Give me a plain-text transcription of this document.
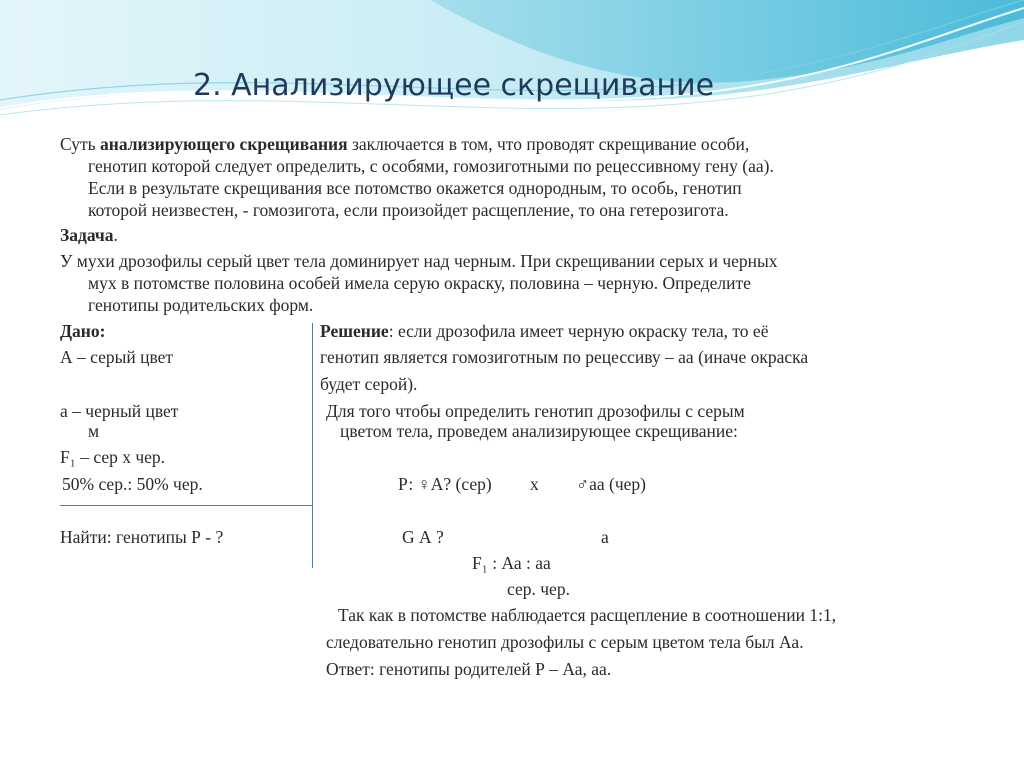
2. Анализирующее скрещивание
Суть анализирующего скрещивания заключается в том, что проводят скрещивание особи,
генотип которой следует определить, с особями, гомозиготными по рецессивному гену (аа).
Если в результате скрещивания все потомство окажется однородным, то особь, генотип
которой неизвестен, - гомозигота, если произойдет расщепление, то она гетерозигота.
Задача.
У мухи дрозофилы серый цвет тела доминирует над черным. При скрещивании серых и черных
мух в потомстве половина особей имела серую окраску, половина – черную. Определите
генотипы родительских форм.
Дано:
А – серый цвет
а – черный цвет
м
F₁ – сер х чер.
50% сер.: 50% чер.
Найти: генотипы Р - ?
Решение: если дрозофила имеет черную окраску тела, то её
генотип является гомозиготным по рецессиву – аа (иначе окраска
будет серой).
Для того чтобы определить генотип дрозофилы с серым
цветом тела, проведем анализирующее скрещивание:
Р: ♀А? (сер) х ♂аа (чер)
G А ?	а
F₁ : Аа : аа
сер. чер.
Так как в потомстве наблюдается расщепление в соотношении 1:1,
следовательно генотип дрозофилы с серым цветом тела был Аа.
Ответ: генотипы родителей Р – Аа, аа.
